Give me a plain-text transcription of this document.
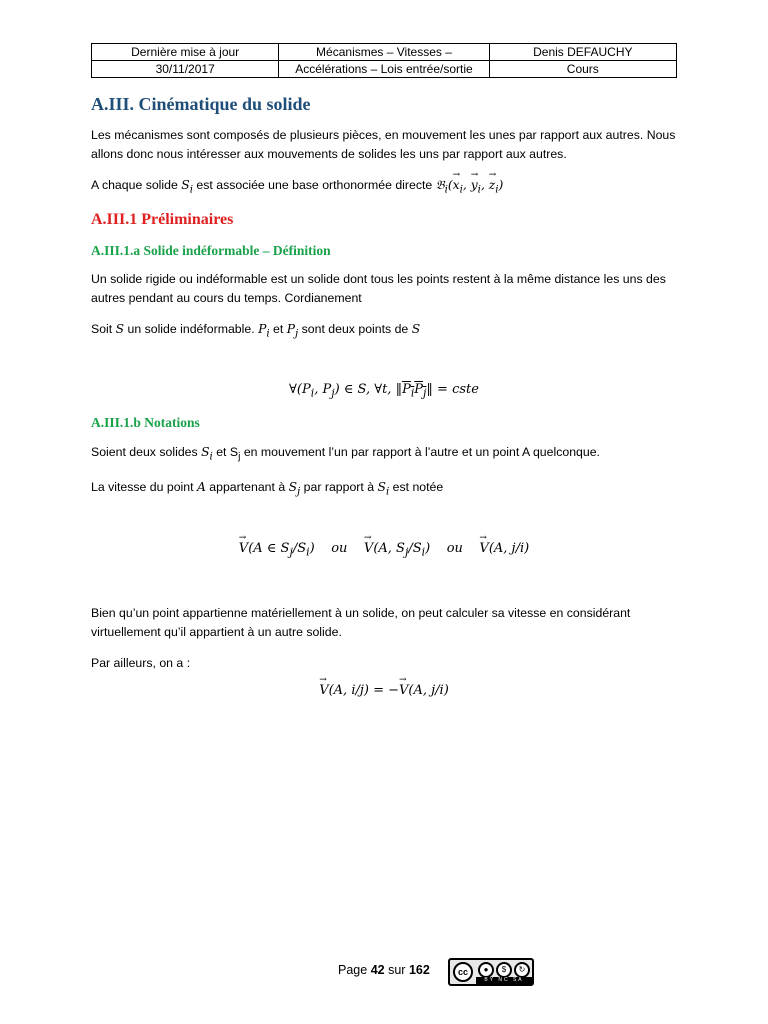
Dernière mise à jour	Mécanismes – Vitesses –	Denis DEFAUCHY
30/11/2017	Accélérations – Lois entrée/sortie	Cours
A.III. Cinématique du solide

Les mécanismes sont composés de plusieurs pièces, en mouvement les unes par rapport aux autres. Nous allons donc nous intéresser aux mouvements de solides les uns par rapport aux autres.

A chaque solide $S_i$ est associée une base orthonormée directe 𝔅$_i$(→ $x_i$, → $y_i$, → $z_i$)

A.III.1 Préliminaires
A.III.1.a Solide indéformable – Définition

Un solide rigide ou indéformable est un solide dont tous les points restent à la même distance les uns des autres pendant au cours du temps. Cordianement

Soit S un solide indéformable. $P_i$ et $P_j$ sont deux points de S

$\forall(P_i$, $P_j$) ∈ S, ∀t, $‖P_iP_j‖$ = cste

A.III.1.b Notations

Soient deux solides $S_i$ et $S_j$ en mouvement l’un par rapport à l’autre et un point A quelconque.

La vitesse du point A appartenant à $S_j$ par rapport à $S_i$ est notée

→ V(A ∈ $S_j/S_i$)    ou → V(A, $S_j/S_i$)    ou → V(A, j/i)

Bien qu’un point appartienne matériellement à un solide, on peut calculer sa vitesse en considérant virtuellement qu’il appartient à un autre solide.

Par ailleurs, on a :

→ V(A, i/j) = −→ V(A, j/i)

Page 42 sur 162	cc	●	$	↻
BY NC SA
